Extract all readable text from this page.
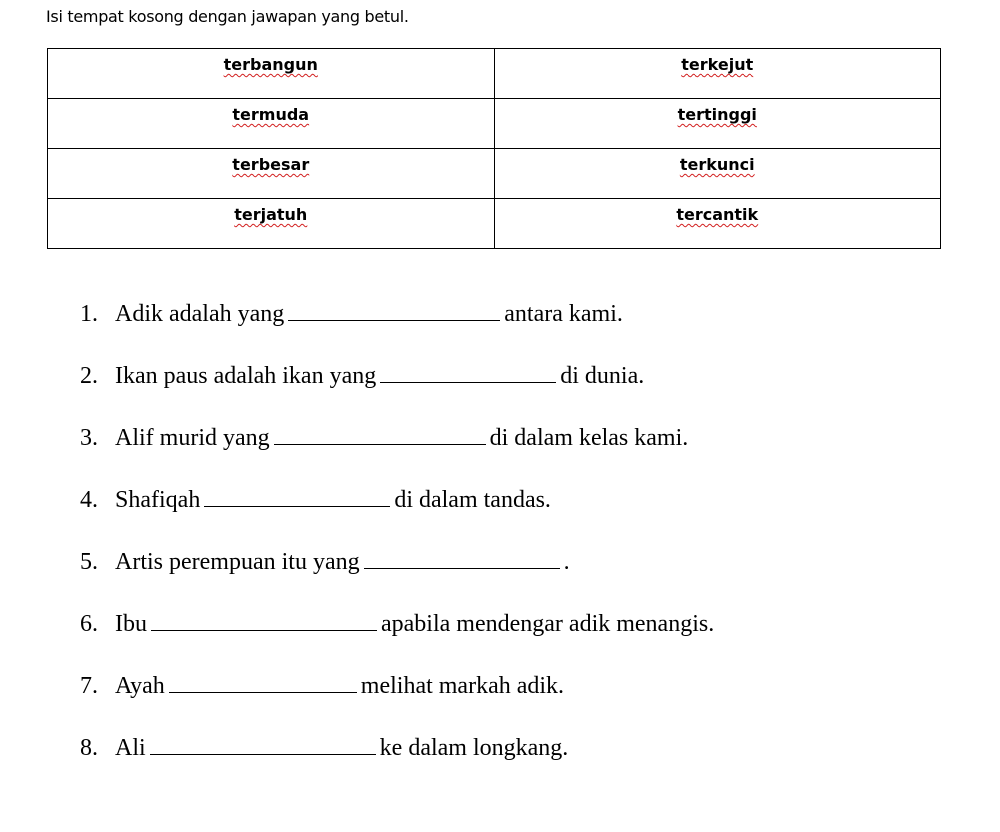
Isi tempat kosong dengan jawapan yang betul.
terbangun	terkejut
termuda	tertinggi
terbesar	terkunci
terjatuh	tercantik
1. Adik adalah yang	antara kami.
2. Ikan paus adalah ikan yang	di dunia.
3. Alif murid yang	di dalam kelas kami.
4. Shafiqah	di dalam tandas.
5. Artis perempuan itu yang	.
6. Ibu	apabila mendengar adik menangis.
7. Ayah	melihat markah adik.
8. Ali	ke dalam longkang.
